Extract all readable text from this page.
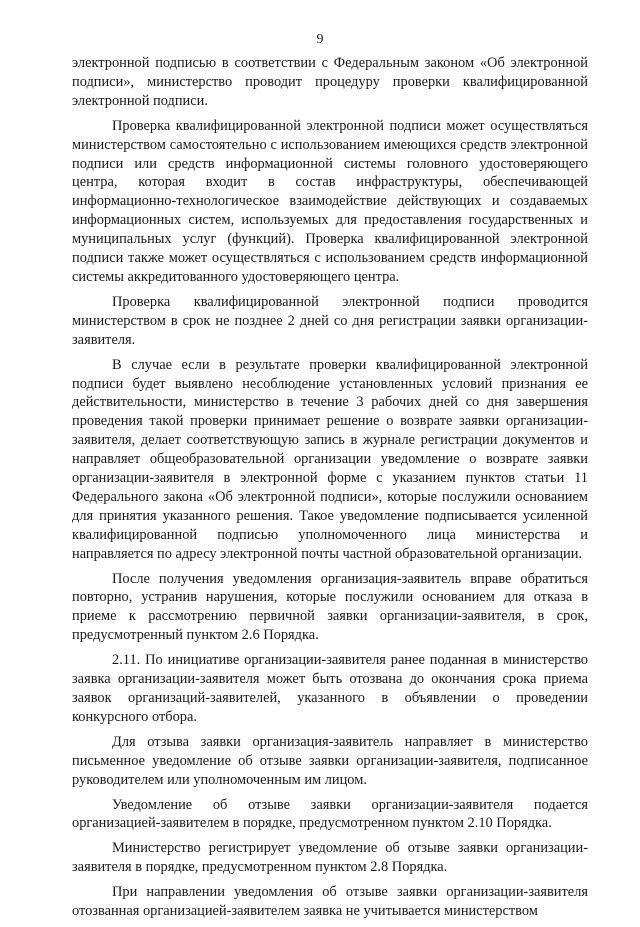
9

электронной подписью в соответствии с Федеральным законом «Об электронной подписи», министерство проводит процедуру проверки квалифицированной электронной подписи.

Проверка квалифицированной электронной подписи может осуществляться министерством самостоятельно с использованием имеющихся средств электронной подписи или средств информационной системы головного удостоверяющего центра, которая входит в состав инфраструктуры, обеспечивающей информационно-технологическое взаимодействие действующих и создаваемых информационных систем, используемых для предоставления государственных и муниципальных услуг (функций). Проверка квалифицированной электронной подписи также может осуществляться с использованием средств информационной системы аккредитованного удостоверяющего центра.

Проверка квалифицированной электронной подписи проводится министерством в срок не позднее 2 дней со дня регистрации заявки организации-заявителя.

В случае если в результате проверки квалифицированной электронной подписи будет выявлено несоблюдение установленных условий признания ее действительности, министерство в течение 3 рабочих дней со дня завершения проведения такой проверки принимает решение о возврате заявки организации-заявителя, делает соответствующую запись в журнале регистрации документов и направляет общеобразовательной организации уведомление о возврате заявки организации-заявителя в электронной форме с указанием пунктов статьи 11 Федерального закона «Об электронной подписи», которые послужили основанием для принятия указанного решения. Такое уведомление подписывается усиленной квалифицированной подписью уполномоченного лица министерства и направляется по адресу электронной почты частной образовательной организации.

После получения уведомления организация-заявитель вправе обратиться повторно, устранив нарушения, которые послужили основанием для отказа в приеме к рассмотрению первичной заявки организации-заявителя, в срок, предусмотренный пунктом 2.6 Порядка.

2.11. По инициативе организации-заявителя ранее поданная в министерство заявка организации-заявителя может быть отозвана до окончания срока приема заявок организаций-заявителей, указанного в объявлении о проведении конкурсного отбора.

Для отзыва заявки организация-заявитель направляет в министерство письменное уведомление об отзыве заявки организации-заявителя, подписанное руководителем или уполномоченным им лицом.

Уведомление об отзыве заявки организации-заявителя подается организацией-заявителем в порядке, предусмотренном пунктом 2.10 Порядка.

Министерство регистрирует уведомление об отзыве заявки организации-заявителя в порядке, предусмотренном пунктом 2.8 Порядка.

При направлении уведомления об отзыве заявки организации-заявителя отозванная организацией-заявителем заявка не учитывается министерством
